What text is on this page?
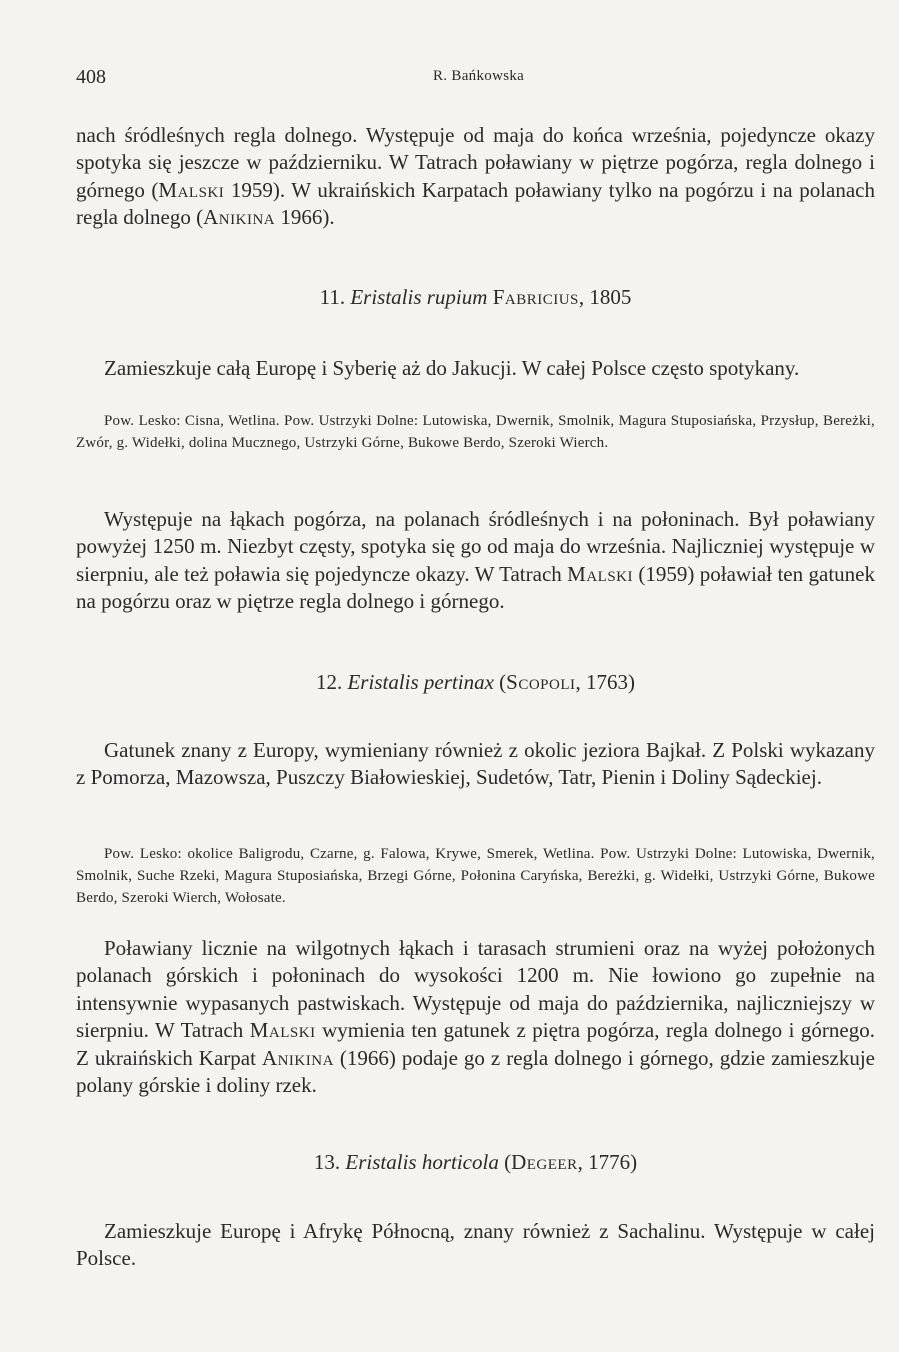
408	R. Bańkowska

nach śródleśnych regla dolnego. Występuje od maja do końca września, pojedyncze okazy spotyka się jeszcze w październiku. W Tatrach poławiany w piętrze pogórza, regla dolnego i górnego (Malski 1959). W ukraińskich Karpatach poławiany tylko na pogórzu i na polanach regla dolnego (Anikina 1966).

11. Eristalis rupium Fabricius, 1805

Zamieszkuje całą Europę i Syberię aż do Jakucji. W całej Polsce często spotykany.

Pow. Lesko: Cisna, Wetlina. Pow. Ustrzyki Dolne: Lutowiska, Dwernik, Smolnik, Magura Stuposiańska, Przysłup, Bereżki, Zwór, g. Widełki, dolina Mucznego, Ustrzyki Górne, Bukowe Berdo, Szeroki Wierch.

Występuje na łąkach pogórza, na polanach śródleśnych i na połoninach. Był poławiany powyżej 1250 m. Niezbyt częsty, spotyka się go od maja do września. Najliczniej występuje w sierpniu, ale też poławia się pojedyncze okazy. W Tatrach Malski (1959) poławiał ten gatunek na pogórzu oraz w piętrze regla dolnego i górnego.

12. Eristalis pertinax (Scopoli, 1763)

Gatunek znany z Europy, wymieniany również z okolic jeziora Bajkał. Z Polski wykazany z Pomorza, Mazowsza, Puszczy Białowieskiej, Sudetów, Tatr, Pienin i Doliny Sądeckiej.

Pow. Lesko: okolice Baligrodu, Czarne, g. Falowa, Krywe, Smerek, Wetlina. Pow. Ustrzyki Dolne: Lutowiska, Dwernik, Smolnik, Suche Rzeki, Magura Stuposiańska, Brzegi Górne, Połonina Caryńska, Bereżki, g. Widełki, Ustrzyki Górne, Bukowe Berdo, Szeroki Wierch, Wołosate.

Poławiany licznie na wilgotnych łąkach i tarasach strumieni oraz na wyżej położonych polanach górskich i połoninach do wysokości 1200 m. Nie łowiono go zupełnie na intensywnie wypasanych pastwiskach. Występuje od maja do października, najliczniejszy w sierpniu. W Tatrach Malski wymienia ten gatunek z piętra pogórza, regla dolnego i górnego. Z ukraińskich Karpat Anikina (1966) podaje go z regla dolnego i górnego, gdzie zamieszkuje polany górskie i doliny rzek.

13. Eristalis horticola (Degeer, 1776)

Zamieszkuje Europę i Afrykę Północną, znany również z Sachalinu. Występuje w całej Polsce.
